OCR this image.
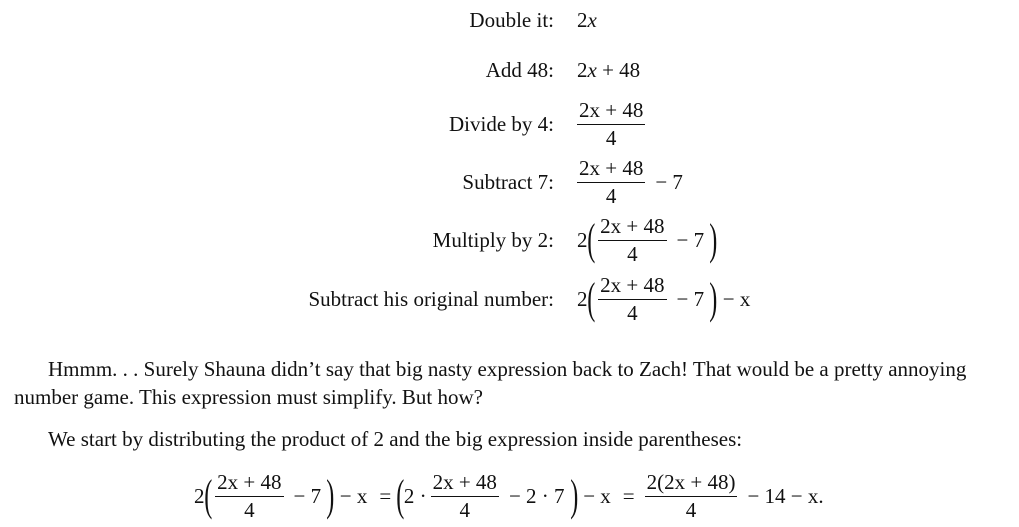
Double it: 2 x
Add 48: 2 x + 48
Divide by 4: $\frac{2x + 48}{4}$
Subtract 7: $\frac{2x + 48}{4} - 7$
Multiply by 2: 2 ( $\frac{2x + 48}{4} - 7$ )
Subtract his original number: 2 ( $\frac{2x + 48}{4} - 7$ ) − x

Hmmm. . . Surely Shauna didn’t say that big nasty expression back to Zach! That would be a pretty annoying number game. This expression must simplify. But how?

We start by distributing the product of 2 and the big expression inside parentheses:

2 ( $\frac{2x + 48}{4} - 7$ ) − x = ( $2 \cdot \frac{2x + 48}{4} - 2 \cdot 7$ ) − $x = \frac{2(2x + 48)}{4} - 14 - x$.
